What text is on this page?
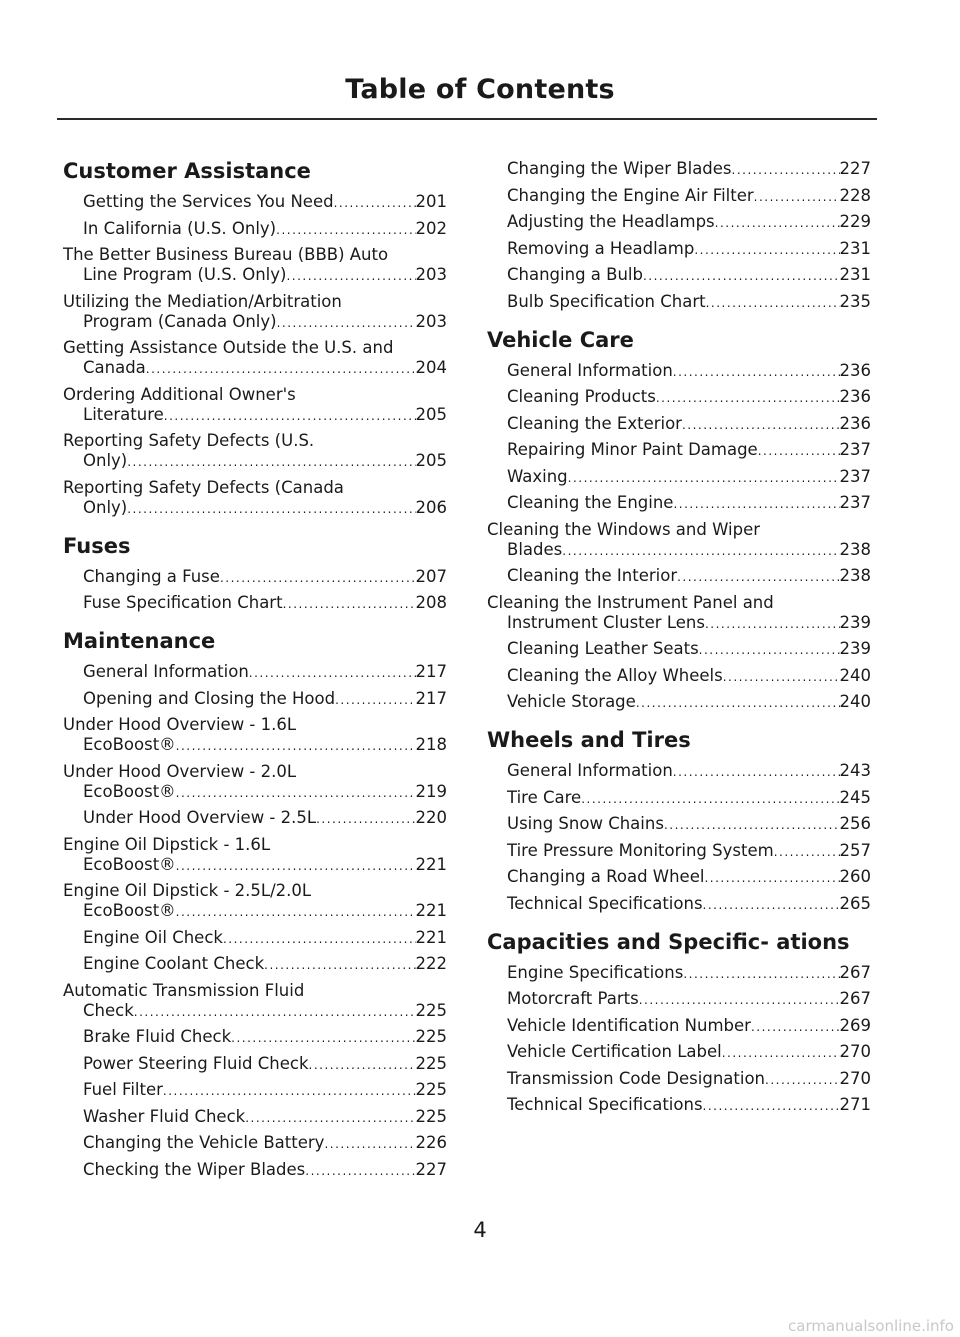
Table of Contents
Customer Assistance
Getting the Services You Need .....	201
In California (U.S. Only) .....	202
The Better Business Bureau (BBB) Auto
Line Program (U.S. Only) .....	203
Utilizing the Mediation/Arbitration
Program (Canada Only) .....	203
Getting Assistance Outside the U.S. and
Canada .....	204
Ordering Additional Owner's
Literature .....	205
Reporting Safety Defects (U.S.
Only) .....	205
Reporting Safety Defects (Canada
Only) .....	206
Fuses
Changing a Fuse .....	207
Fuse Specification Chart .....	208
Maintenance
General Information .....	217
Opening and Closing the Hood .....	217
Under Hood Overview - 1.6L
EcoBoost® .....	218
Under Hood Overview - 2.0L
EcoBoost® .....	219
Under Hood Overview - 2.5L .....	220
Engine Oil Dipstick - 1.6L
EcoBoost® .....	221
Engine Oil Dipstick - 2.5L/2.0L
EcoBoost® .....	221
Engine Oil Check .....	221
Engine Coolant Check .....	222
Automatic Transmission Fluid
Check .....	225
Brake Fluid Check .....	225
Power Steering Fluid Check .....	225
Fuel Filter .....	225
Washer Fluid Check .....	225
Changing the Vehicle Battery .....	226
Checking the Wiper Blades .....	227
Changing the Wiper Blades .....	227
Changing the Engine Air Filter .....	228
Adjusting the Headlamps .....	229
Removing a Headlamp .....	231
Changing a Bulb .....	231
Bulb Specification Chart .....	235
Vehicle Care
General Information .....	236
Cleaning Products .....	236
Cleaning the Exterior .....	236
Repairing Minor Paint Damage .....	237
Waxing .....	237
Cleaning the Engine .....	237
Cleaning the Windows and Wiper
Blades .....	238
Cleaning the Interior .....	238
Cleaning the Instrument Panel and
Instrument Cluster Lens .....	239
Cleaning Leather Seats .....	239
Cleaning the Alloy Wheels .....	240
Vehicle Storage .....	240
Wheels and Tires
General Information .....	243
Tire Care .....	245
Using Snow Chains .....	256
Tire Pressure Monitoring System .....	257
Changing a Road Wheel .....	260
Technical Specifications .....	265
Capacities and Specific- ations
Engine Specifications .....	267
Motorcraft Parts .....	267
Vehicle Identification Number .....	269
Vehicle Certification Label .....	270
Transmission Code Designation .....	270
Technical Specifications .....	271
4
carmanualsonline.info
